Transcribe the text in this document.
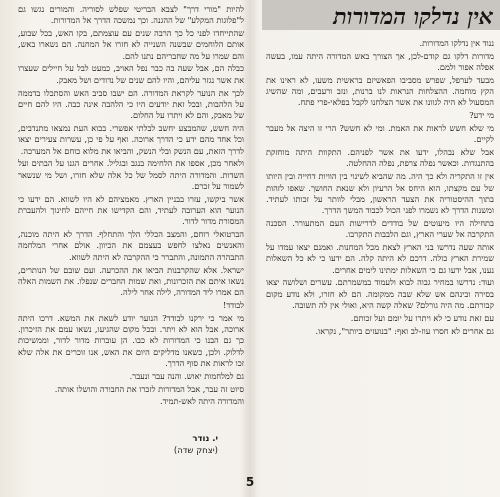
אין נדלקו המדורות

ננוד אין נדלקו המדורות.

מדורות דלקו גם קודם-לכן, אך הצורך באש המדורה היתה עמו, בעשה אפלה אפור ולמם.

מבעד לערפל, שפרש מסביבו הפאשיזם בראשית משעו, לא ראינו את הקץ מוחמה. ההצלחות הנראות לנו ברנות, ונזב ורעבים, ומה שהשיג המסעול לא היה לגוונו את אשר הצלחנו לקבל בפלאי-פרי פתח.

מי ידע?

מי שלא חשש לראות את האמת. ומי לא חשש? הרי זו היצה אל מעבר לקיים.

אבל שלא נבהלו, ידעו את אשר לפניהם. התקוות היתה מוחזקת בהתנגדות. וכאשר נפלה צרפת, נפלה ההחלטה.

אין זו התקריה ולא כך היה. מה שהביא לשינוי בין הוויות דחייה ובין היותו של עם מקצתו, הוא היחס אל הרעיון ולא שנאת החושך. שאפו לזהות בתוך ההיסטוריה את הצעד הראשון, מבלי לוותר על זכותו לעתיד. ומשנות הדרך לא נשמרו לפני הכול לכבוד המשך הדרך.

בתחילה היו מיעוטים של בודדים לדרישות העם המתעורר. הסכנה התקרבה אל שערי הארץ, וגם הלבבות התקרבו.

אותה שעה נדרשו בני הארץ לצאת מכל המחנות. ואמנם יצאו עמדו על שמירת הארץ כולה. דרכם לא היתה קלה. הם ידעו כי לא כל השאלות נענו, אבל ידעו גם כי השאלות ימתינו לימים אחרים.

ועוד: נדרשו במחיר גבוה לבוא ולעמוד במשמרתם. עשרים ושלושה יצאו בסירה ובינהם אש שלא שבה ממקומה. הם לא חזרו, ולא נודע מקום קבורתם. מה היה גורלם? שאלה קשה היא, ואולי אין לה תשובה.

עם זאת נודע כי לא ויתרו על יומם ועל זכותם.

גם אחרים לא חסרו עוז-לב ואף: "בנועזים ביותר", נקראו.

להיות "מורי דרך" לצבא הבריטי שפלש לסוריה. והמורים נגשו גם ל"פלוגות המקלע" של ההגנה. וכך נמשכה הדרך אל המדורות.

שהתייחדו לפני כל כך הרבה שנים עם עוצמתם, בקו האש, בכל שבוע, אותם הלוחמים שבשנה השנייה לא חזרו אל המחנה. הם נשארו באש, והם שמרו על מה שחבריהם נתנו להם.

כבלה הם, אבל שעה בה כבר נפל האויב, כמעט לבל על חיילים שעצרו את אשר נגזר עליהם, והיו להם שנים של נדודים ושל מאבק.

לכך את הנוער לקראת המדורה. הם ישבו סביב האש והסתכלו בדממה על הלהבות, ובכל זאת יודעים היו כי הלהבה אינה כבה. היו להם חיים של מאבק, והם לא ויתרו על החלום.

היה חשש, שהמבצע יחשב לבלתי אפשרי. בבוא העת נמצאו מתנדבים, וכל אחד מהם ידע כי הדרך ארוכה. ואף על פי כן, עשרות צעירים יצאו לדרך הזאת, עם הנשק ובלי הנשק, והביאו את מלוא כוחם אל המערכה.

ולאחר מכן, אספו את הלחימה בנגב ובגליל. אחרים הגנו על הבתים ועל השדות. והמדורה היתה לסמל של כל אלה שלא חזרו, ושל מי שנשאר לשמור על זכרם.

אשר ביקשו, עזרו בבניין הארץ. מאמציהם לא היו לשווא. הם ידעו כי הנוער הוא הערובה לעתיד, והם הקדישו את חייהם לחינוך ולהעברת המסורת מדור לדור.

הברטואלי רוחם, והמצב הכללי הלך והתחלף. הדרך לא היתה מוכנה, והאנשים נאלצו לחפש בעצמם את הכיוון. אולם אחרי המלחמה התבהרה התמונה, והתברר כי ההקרבה לא היתה לשווא.

ישראל. אלא שהקרבנות הביאו את ההכרעה. ועם שובם של הנותרים, נשאו איתם את הזכרונות, ואת שמות החברים שנפלו. את השמות האלה הם אמרו ליד המדורה, לילה אחר לילה.

לבודד!

מי אמר כי ירקנו לבודד? הנוער יודע לשאת את המשא. דרכו היתה ארוכה, אבל הוא לא ויתר. ובכל מקום שהגיעו, נשאו עמם את הזיכרון. כך גם הבנו כי המדורות לא כבו. הן עוברות מדור לדור, וממשיכות לדלוק. ולכן, כשאנו מדליקים היום את האש, אנו זוכרים את אלה שלא זכו לראות את סוף הדרך.

גם למלחמות יאוש. והנה עבר ונעבר.

סיוט זה עבר, אבל המדורות לזכרו את החבורה והושלו אותה.

והמדורה היתה לאש-תמיד.

י. נודר
(יצחק שדה)
5
